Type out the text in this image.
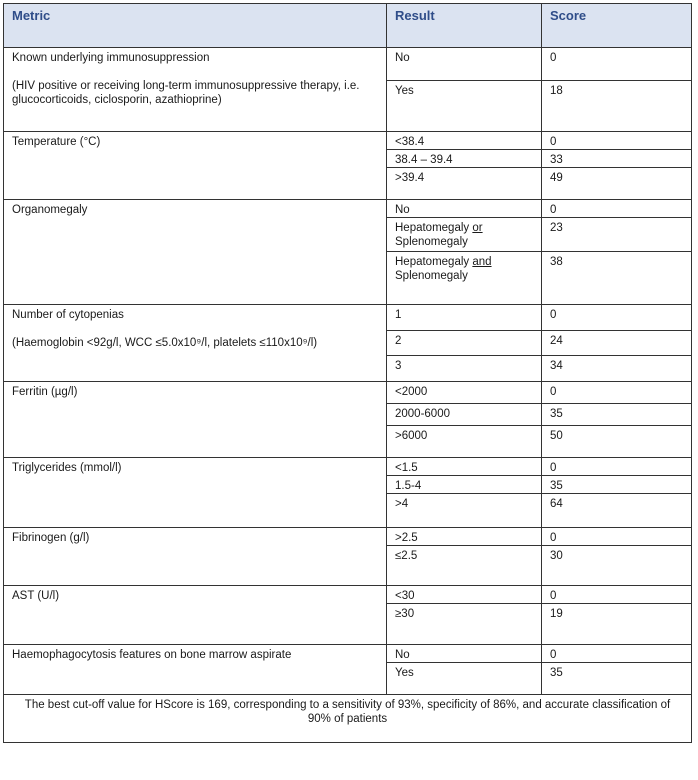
Metric	Result	Score

Known underlying immunosuppression
(HIV positive or receiving long-term immunosuppressive therapy, i.e. glucocorticoids, ciclosporin, azathioprine)	No	0
	Yes	18
Temperature (°C)	<38.4	0
	38.4 – 39.4	33
	>39.4	49
Organomegaly	No	0
	Hepatomegaly or Splenomegaly	23
	Hepatomegaly and Splenomegaly	38

Number of cytopenias
(Haemoglobin <92g/l, WCC ≤5.0x10⁹/l, platelets ≤110x10⁹/l)	1	0
	2	24
	3	34
Ferritin (µg/l)	<2000	0
	2000-6000	35
	>6000	50
Triglycerides (mmol/l)	<1.5	0
	1.5-4	35
	>4	64
Fibrinogen (g/l)	>2.5	0
	≤2.5	30
AST (U/l)	<30	0
	≥30	19
Haemophagocytosis features on bone marrow aspirate	No	0
	Yes	35
The best cut-off value for HScore is 169, corresponding to a sensitivity of 93%, specificity of 86%, and accurate classification of 90% of patients		
